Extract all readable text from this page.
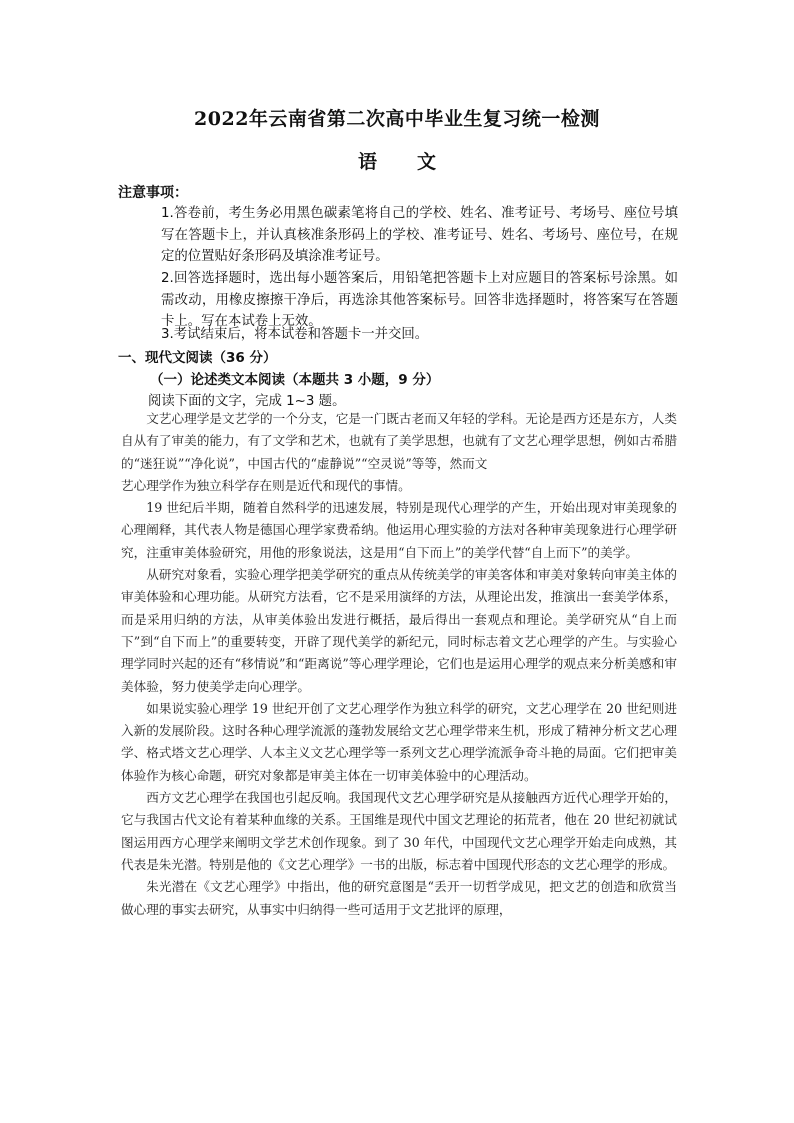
2022年云南省第二次高中毕业生复习统一检测
语文
注意事项：
1.答卷前，考生务必用黑色碳素笔将自己的学校、姓名、准考证号、考场号、座位号填写在答题卡上，并认真核准条形码上的学校、准考证号、姓名、考场号、座位号，在规定的位置贴好条形码及填涂准考证号。
2.回答选择题时，选出每小题答案后，用铅笔把答题卡上对应题目的答案标号涂黑。如需改动，用橡皮擦擦干净后，再选涂其他答案标号。回答非选择题时，将答案写在答题卡上。写在本试卷上无效。
3.考试结束后，将本试卷和答题卡一并交回。
一、现代文阅读（36 分）
（一）论述类文本阅读（本题共 3 小题，9 分）
阅读下面的文字，完成 1~3 题。

文艺心理学是文艺学的一个分支，它是一门既古老而又年轻的学科。无论是西方还是东方，人类自从有了审美的能力，有了文学和艺术，也就有了美学思想，也就有了文艺心理学思想，例如古希腊的“迷狂说”“净化说”，中国古代的“虚静说”“空灵说”等等，然而文

艺心理学作为独立科学存在则是近代和现代的事情。

19 世纪后半期，随着自然科学的迅速发展，特别是现代心理学的产生，开始出现对审美现象的心理阐释，其代表人物是德国心理学家费希纳。他运用心理实验的方法对各种审美现象进行心理学研究，注重审美体验研究，用他的形象说法，这是用“自下而上”的美学代替“自上而下”的美学。

从研究对象看，实验心理学把美学研究的重点从传统美学的审美客体和审美对象转向审美主体的审美体验和心理功能。从研究方法看，它不是采用演绎的方法，从理论出发，推演出一套美学体系，而是采用归纳的方法，从审美体验出发进行概括，最后得出一套观点和理论。美学研究从“自上而下”到“自下而上”的重要转变，开辟了现代美学的新纪元，同时标志着文艺心理学的产生。与实验心理学同时兴起的还有“移情说”和“距离说”等心理学理论，它们也是运用心理学的观点来分析美感和审美体验，努力使美学走向心理学。

如果说实验心理学 19 世纪开创了文艺心理学作为独立科学的研究，文艺心理学在 20 世纪则进入新的发展阶段。这时各种心理学流派的蓬勃发展给文艺心理学带来生机，形成了精神分析文艺心理学、格式塔文艺心理学、人本主义文艺心理学等一系列文艺心理学流派争奇斗艳的局面。它们把审美体验作为核心命题，研究对象都是审美主体在一切审美体验中的心理活动。

西方文艺心理学在我国也引起反响。我国现代文艺心理学研究是从接触西方近代心理学开始的，它与我国古代文论有着某种血缘的关系。王国维是现代中国文艺理论的拓荒者，他在 20 世纪初就试图运用西方心理学来阐明文学艺术创作现象。到了 30 年代，中国现代文艺心理学开始走向成熟，其代表是朱光潜。特别是他的《文艺心理学》一书的出版，标志着中国现代形态的文艺心理学的形成。

朱光潜在《文艺心理学》中指出，他的研究意图是“丢开一切哲学成见，把文艺的创造和欣赏当做心理的事实去研究，从事实中归纳得一些可适用于文艺批评的原理，
